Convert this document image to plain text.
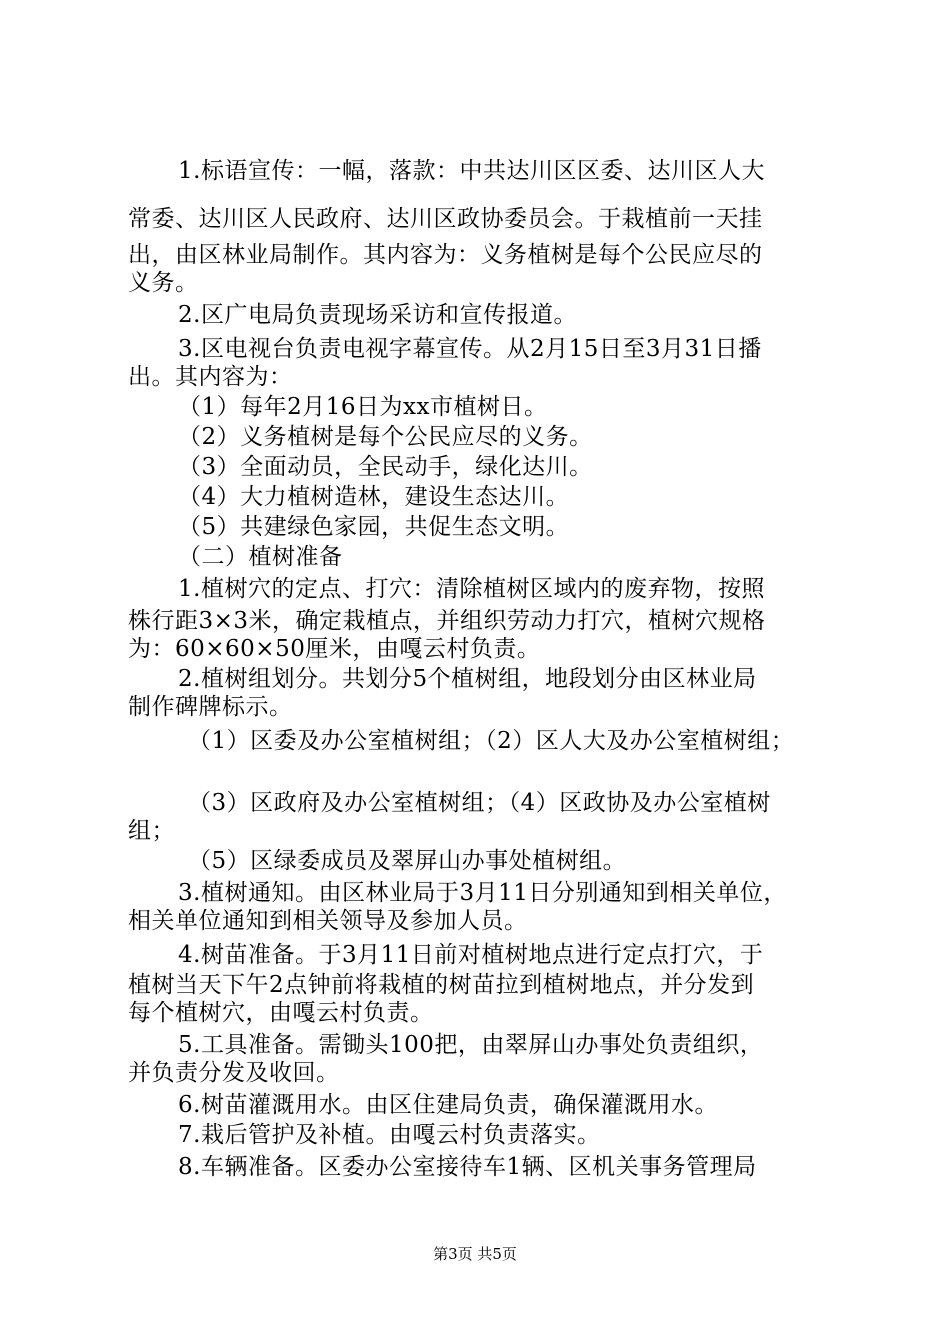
1.标语宣传：一幅，落款：中共达川区区委、达川区人大
常委、达川区人民政府、达川区政协委员会。于栽植前一天挂
出，由区林业局制作。其内容为：义务植树是每个公民应尽的
义务。
2.区广电局负责现场采访和宣传报道。
3.区电视台负责电视字幕宣传。从2月15日至3月31日播
出。其内容为：
（1）每年2月16日为xx市植树日。
（2）义务植树是每个公民应尽的义务。
（3）全面动员，全民动手，绿化达川。
（4）大力植树造林，建设生态达川。
（5）共建绿色家园，共促生态文明。
（二）植树准备
1.植树穴的定点、打穴：清除植树区域内的废弃物，按照
株行距3×3米，确定栽植点，并组织劳动力打穴，植树穴规格
为：60×60×50厘米，由嘎云村负责。
2.植树组划分。共划分5个植树组，地段划分由区林业局
制作碑牌标示。
（1）区委及办公室植树组；（2）区人大及办公室植树组；
（3）区政府及办公室植树组；（4）区政协及办公室植树
组；
（5）区绿委成员及翠屏山办事处植树组。
3.植树通知。由区林业局于3月11日分别通知到相关单位，
相关单位通知到相关领导及参加人员。
4.树苗准备。于3月11日前对植树地点进行定点打穴，于
植树当天下午2点钟前将栽植的树苗拉到植树地点，并分发到
每个植树穴，由嘎云村负责。
5.工具准备。需锄头100把，由翠屏山办事处负责组织，
并负责分发及收回。
6.树苗灌溉用水。由区住建局负责，确保灌溉用水。
7.栽后管护及补植。由嘎云村负责落实。
8.车辆准备。区委办公室接待车1辆、区机关事务管理局
第3页 共5页
